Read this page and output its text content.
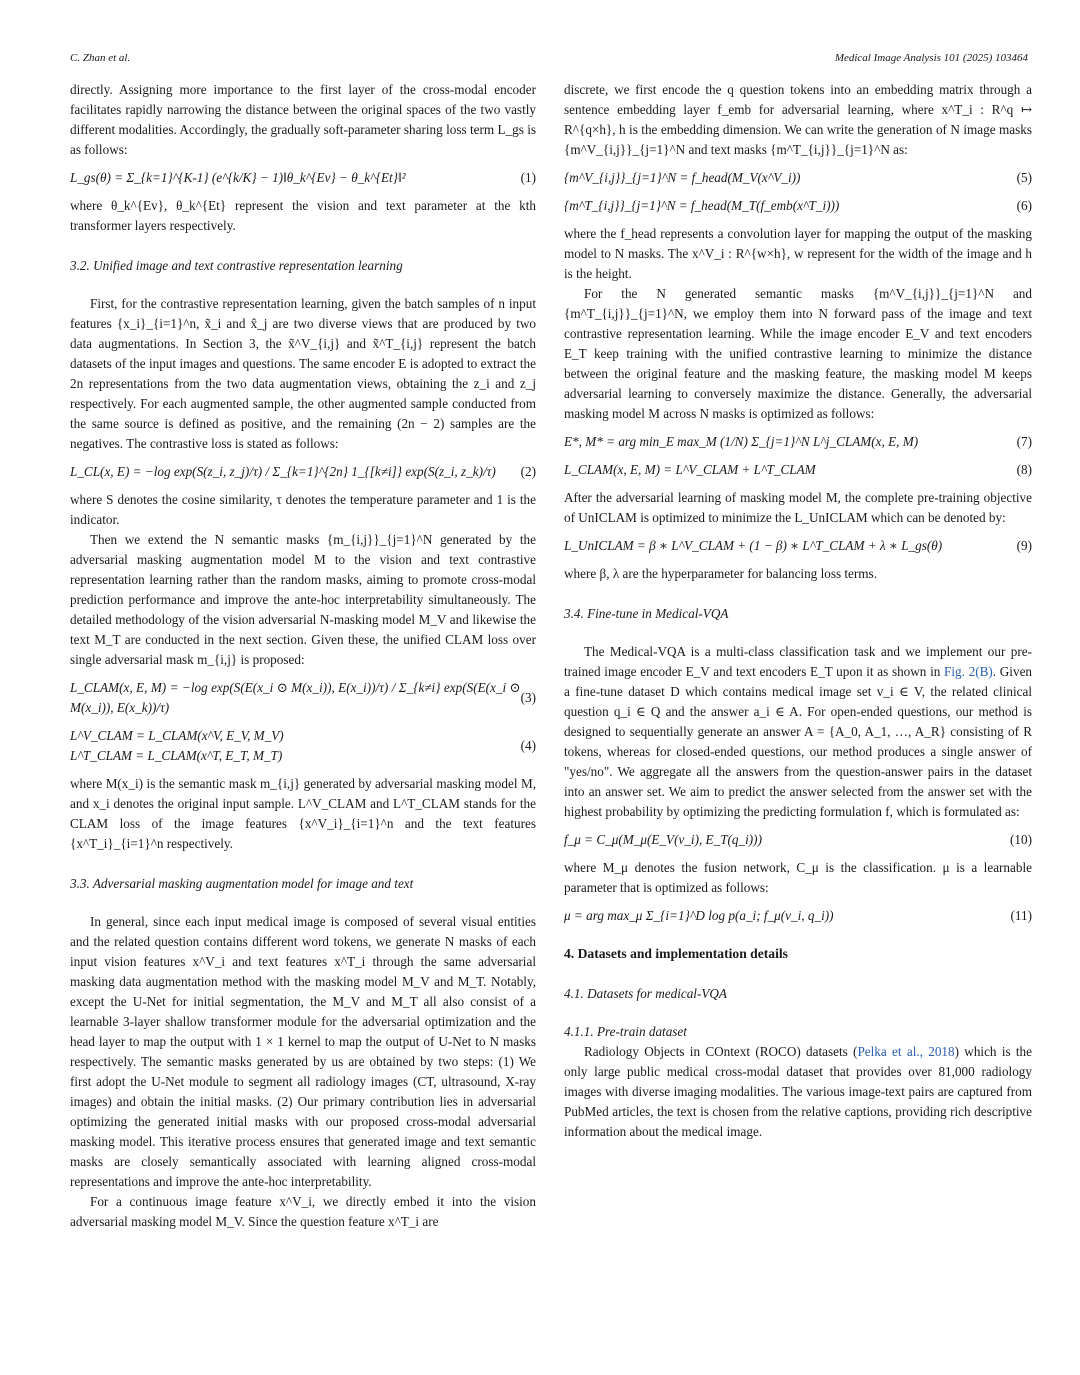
C. Zhan et al.	Medical Image Analysis 101 (2025) 103464

directly. Assigning more importance to the first layer of the cross-modal encoder facilitates rapidly narrowing the distance between the original spaces of the two vastly different modalities. Accordingly, the gradually soft-parameter sharing loss term L_gs is as follows:

L_gs(θ) = Σ_{k=1}^{K-1} (e^{k/K} − 1)‖θ_k^{Ev} − θ_k^{Et}‖²	(1)

where θ_k^{Ev}, θ_k^{Et} represent the vision and text parameter at the kth transformer layers respectively.

3.2. Unified image and text contrastive representation learning

First, for the contrastive representation learning, given the batch samples of n input features {x_i}_{i=1}^n, x̃_i and x̂_j are two diverse views that are produced by two data augmentations. In Section 3, the x̃^V_{i,j} and x̃^T_{i,j} represent the batch datasets of the input images and questions. The same encoder E is adopted to extract the 2n representations from the two data augmentation views, obtaining the z_i and z_j respectively. For each augmented sample, the other augmented sample conducted from the same source is defined as positive, and the remaining (2n − 2) samples are the negatives. The contrastive loss is stated as follows:

L_CL(x, E) = −log exp(S(z_i, z_j)/τ) / Σ_{k=1}^{2n} 1_{[k≠i]} exp(S(z_i, z_k)/τ) (2)

where S denotes the cosine similarity, τ denotes the temperature parameter and 1 is the indicator.

Then we extend the N semantic masks {m_{i,j}}_{j=1}^N generated by the adversarial masking augmentation model M to the vision and text contrastive representation learning rather than the random masks, aiming to promote cross-modal prediction performance and improve the ante-hoc interpretability simultaneously. The detailed methodology of the vision adversarial N-masking model M_V and likewise the text M_T are conducted in the next section. Given these, the unified CLAM loss over single adversarial mask m_{i,j} is proposed:

L_CLAM(x, E, M) = −log exp(S(E(x_i ⊙ M(x_i)), E(x_i))/τ) / Σ_{k≠i} exp(S(E(x_i ⊙ M(x_i)), E(x_k))/τ)
(3)
L^V_CLAM = L_CLAM(x^V, E_V, M_V)
L^T_CLAM = L_CLAM(x^T, E_T, M_T)
(4)

where M(x_i) is the semantic mask m_{i,j} generated by adversarial masking model M, and x_i denotes the original input sample. L^V_CLAM and L^T_CLAM stands for the CLAM loss of the image features {x^V_i}_{i=1}^n and the text features {x^T_i}_{i=1}^n respectively.

3.3. Adversarial masking augmentation model for image and text

In general, since each input medical image is composed of several visual entities and the related question contains different word tokens, we generate N masks of each input vision features x^V_i and text features x^T_i through the same adversarial masking data augmentation method with the masking model M_V and M_T. Notably, except the U-Net for initial segmentation, the M_V and M_T all also consist of a learnable 3-layer shallow transformer module for the adversarial optimization and the head layer to map the output with 1 × 1 kernel to map the output of U-Net to N masks respectively. The semantic masks generated by us are obtained by two steps: (1) We first adopt the U-Net module to segment all radiology images (CT, ultrasound, X-ray images) and obtain the initial masks. (2) Our primary contribution lies in adversarial optimizing the generated initial masks with our proposed cross-modal adversarial masking model. This iterative process ensures that generated image and text semantic masks are closely semantically associated with learning aligned cross-modal representations and improve the ante-hoc interpretability.

For a continuous image feature x^V_i, we directly embed it into the vision adversarial masking model M_V. Since the question feature x^T_i are

discrete, we first encode the q question tokens into an embedding matrix through a sentence embedding layer f_emb for adversarial learning, where x^T_i : R^q ↦ R^{q×h}, h is the embedding dimension. We can write the generation of N image masks {m^V_{i,j}}_{j=1}^N and text masks {m^T_{i,j}}_{j=1}^N as:

{m^V_{i,j}}_{j=1}^N = f_head(M_V(x^V_i))	(5)
{m^T_{i,j}}_{j=1}^N = f_head(M_T(f_emb(x^T_i)))	(6)

where the f_head represents a convolution layer for mapping the output of the masking model to N masks. The x^V_i : R^{w×h}, w represent for the width of the image and h is the height.

For the N generated semantic masks {m^V_{i,j}}_{j=1}^N and {m^T_{i,j}}_{j=1}^N, we employ them into N forward pass of the image and text contrastive representation learning. While the image encoder E_V and text encoders E_T keep training with the unified contrastive learning to minimize the distance between the original feature and the masking feature, the masking model M keeps adversarial learning to conversely maximize the distance. Generally, the adversarial masking model M across N masks is optimized as follows:

E*, M* = arg min_E max_M (1/N) Σ_{j=1}^N L^j_CLAM(x, E, M)	(7)
L_CLAM(x, E, M) = L^V_CLAM + L^T_CLAM	(8)

After the adversarial learning of masking model M, the complete pre-training objective of UnICLAM is optimized to minimize the L_UnICLAM which can be denoted by:

L_UnICLAM = β ∗ L^V_CLAM + (1 − β) ∗ L^T_CLAM + λ ∗ L_gs(θ)	(9)

where β, λ are the hyperparameter for balancing loss terms.

3.4. Fine-tune in Medical-VQA

The Medical-VQA is a multi-class classification task and we implement our pre-trained image encoder E_V and text encoders E_T upon it as shown in Fig. 2(B). Given a fine-tune dataset D which contains medical image set v_i ∈ V, the related clinical question q_i ∈ Q and the answer a_i ∈ A. For open-ended questions, our method is designed to sequentially generate an answer A = {A_0, A_1, …, A_R} consisting of R tokens, whereas for closed-ended questions, our method produces a single answer of "yes/no". We aggregate all the answers from the question-answer pairs in the dataset into an answer set. We aim to predict the answer selected from the answer set with the highest probability by optimizing the predicting formulation f, which is formulated as:

f_μ = C_μ(M_μ(E_V(v_i), E_T(q_i)))	(10)

where M_μ denotes the fusion network, C_μ is the classification. μ is a learnable parameter that is optimized as follows:

μ = arg max_μ Σ_{i=1}^D log p(a_i; f_μ(v_i, q_i))	(11)
4. Datasets and implementation details
4.1. Datasets for medical-VQA
4.1.1. Pre-train dataset

Radiology Objects in COntext (ROCO) datasets (Pelka et al., 2018) which is the only large public medical cross-modal dataset that provides over 81,000 radiology images with diverse imaging modalities. The various image-text pairs are captured from PubMed articles, the text is chosen from the relative captions, providing rich descriptive information about the medical image.
